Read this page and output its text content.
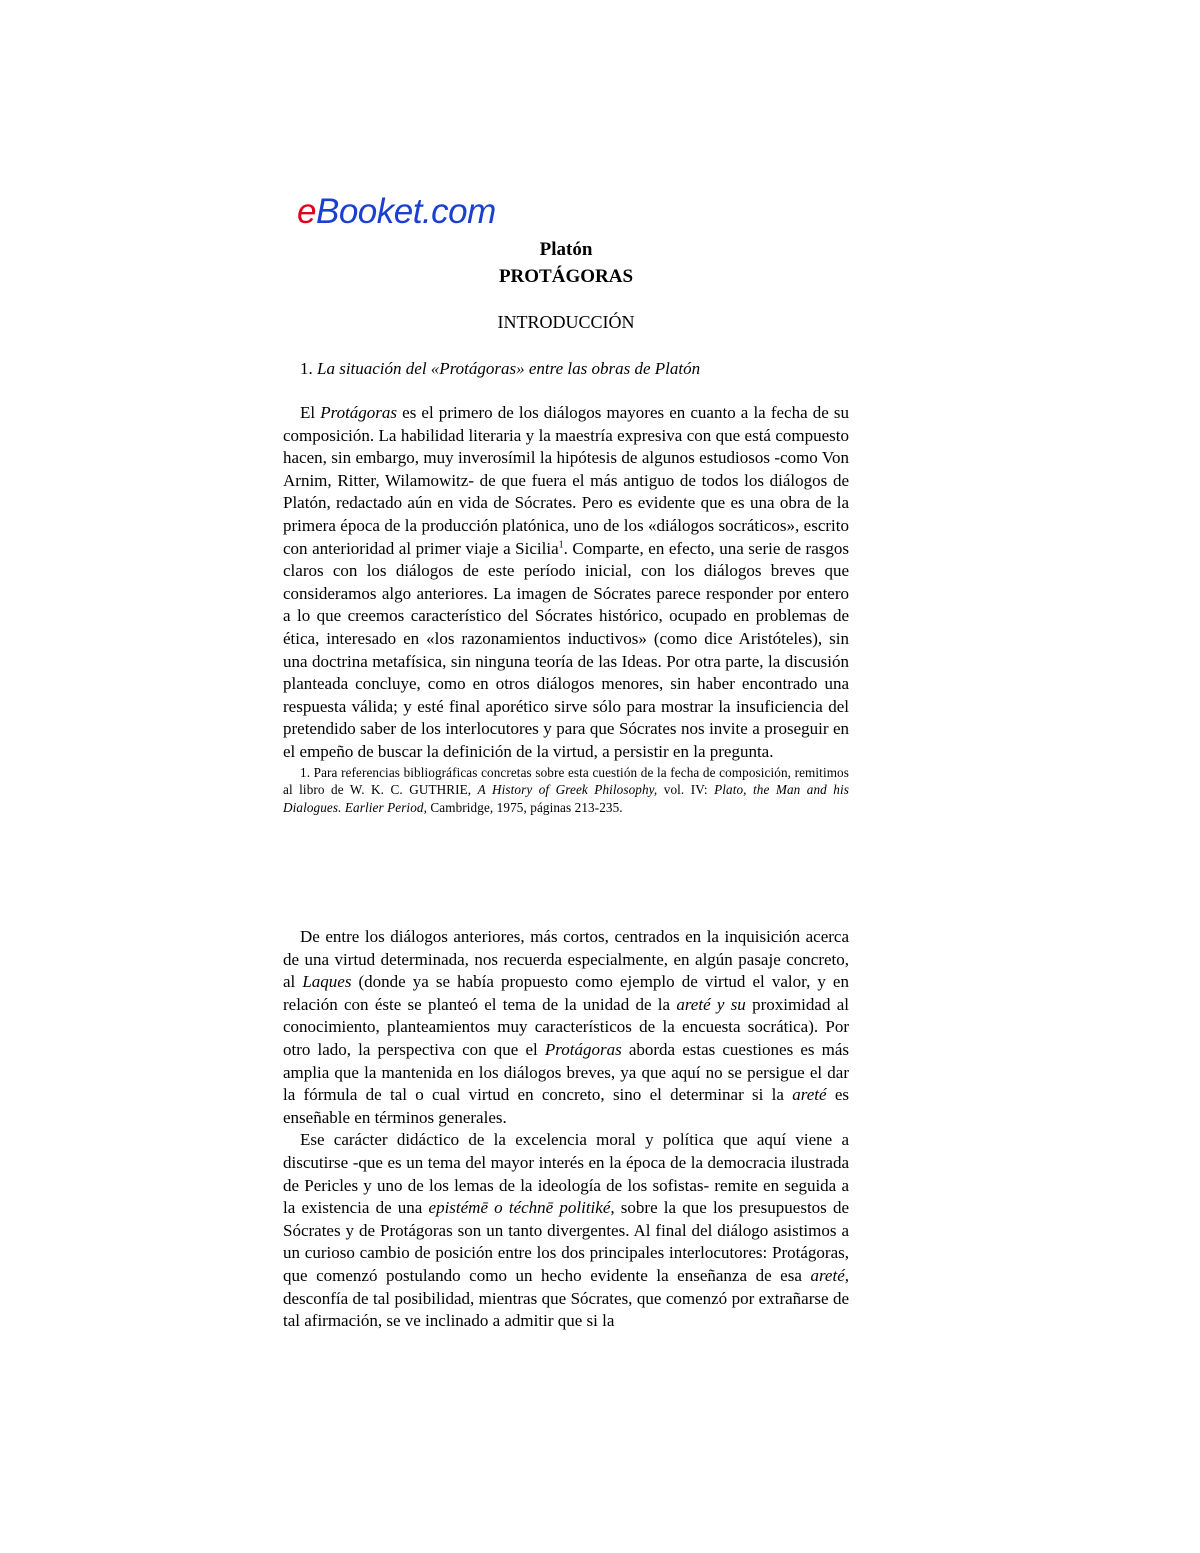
eBooket.com
Platón
PROTÁGORAS
INTRODUCCIÓN
1. La situación del «Protágoras» entre las obras de Platón

El Protágoras es el primero de los diálogos mayores en cuanto a la fecha de su composición. La habilidad literaria y la maestría expresiva con que está compuesto hacen, sin embargo, muy inverosímil la hipótesis de algunos estudiosos -como Von Arnim, Ritter, Wilamowitz- de que fuera el más antiguo de todos los diálogos de Platón, redactado aún en vida de Sócrates. Pero es evidente que es una obra de la primera época de la producción platónica, uno de los «diálogos socráticos», escrito con anterioridad al primer viaje a Sicilia$^1$. Comparte, en efecto, una serie de rasgos claros con los diálogos de este período inicial, con los diálogos breves que consideramos algo anteriores. La imagen de Sócrates parece responder por entero a lo que creemos característico del Sócrates histórico, ocupado en problemas de ética, interesado en «los razonamientos inductivos» (como dice Aristóteles), sin una doctrina metafísica, sin ninguna teoría de las Ideas. Por otra parte, la discusión planteada concluye, como en otros diálogos menores, sin haber encontrado una respuesta válida; y esté final aporético sirve sólo para mostrar la insuficiencia del pretendido saber de los interlocutores y para que Sócrates nos invite a proseguir en el empeño de buscar la definición de la virtud, a persistir en la pregunta.

1. Para referencias bibliográficas concretas sobre esta cuestión de la fecha de composición, remitimos al libro de W. K. C. GUTHRIE, A History of Greek Philosophy, vol. IV: Plato, the Man and his Dialogues. Earlier Period, Cambridge, 1975, páginas 213-235.

De entre los diálogos anteriores, más cortos, centrados en la inquisición acerca de una virtud determinada, nos recuerda especialmente, en algún pasaje concreto, al Laques (donde ya se había propuesto como ejemplo de virtud el valor, y en relación con éste se planteó el tema de la unidad de la areté y su proximidad al conocimiento, planteamientos muy característicos de la encuesta socrática). Por otro lado, la perspectiva con que el Protágoras aborda estas cuestiones es más amplia que la mantenida en los diálogos breves, ya que aquí no se persigue el dar la fórmula de tal o cual virtud en concreto, sino el determinar si la areté es enseñable en términos generales.

Ese carácter didáctico de la excelencia moral y política que aquí viene a discutirse -que es un tema del mayor interés en la época de la democracia ilustrada de Pericles y uno de los lemas de la ideología de los sofistas- remite en seguida a la existencia de una epistémē o téchnē politiké, sobre la que los presupuestos de Sócrates y de Protágoras son un tanto divergentes. Al final del diálogo asistimos a un curioso cambio de posición entre los dos principales interlocutores: Protágoras, que comenzó postulando como un hecho evidente la enseñanza de esa areté, desconfía de tal posibilidad, mientras que Sócrates, que comenzó por extrañarse de tal afirmación, se ve inclinado a admitir que si la
